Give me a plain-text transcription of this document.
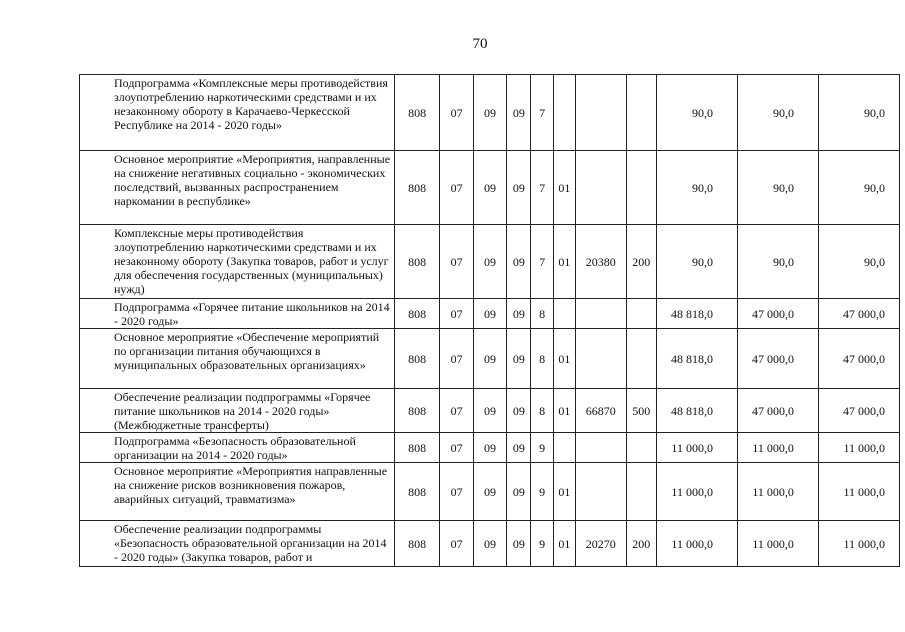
70
Подпрограмма «Комплексные меры противодействия злоупотреблению наркотическими средствами и их незаконному обороту в Карачаево-Черкесской Республике на 2014 - 2020 годы»	808	07	09	09	7				90,0	90,0	90,0
Основное мероприятие «Мероприятия, направленные на снижение негативных социально - экономических последствий, вызванных распространением наркомании в республике»	808	07	09	09	7	01			90,0	90,0	90,0
Комплексные меры противодействия злоупотреблению наркотическими средствами и их незаконному обороту (Закупка товаров, работ и услуг для обеспечения государственных (муниципальных) нужд)	808	07	09	09	7	01	20380	200	90,0	90,0	90,0
Подпрограмма «Горячее питание школьников на 2014 - 2020 годы»	808	07	09	09	8				48 818,0	47 000,0	47 000,0
Основное мероприятие «Обеспечение мероприятий по организации питания обучающихся в муниципальных образовательных организациях»	808	07	09	09	8	01			48 818,0	47 000,0	47 000,0
Обеспечение реализации подпрограммы «Горячее питание школьников на 2014 - 2020 годы» (Межбюджетные трансферты)	808	07	09	09	8	01	66870	500	48 818,0	47 000,0	47 000,0
Подпрограмма «Безопасность образовательной организации на 2014 - 2020 годы»	808	07	09	09	9				11 000,0	11 000,0	11 000,0
Основное мероприятие «Мероприятия направленные на снижение рисков возникновения пожаров, аварийных ситуаций, травматизма»	808	07	09	09	9	01			11 000,0	11 000,0	11 000,0
Обеспечение реализации подпрограммы «Безопасность образовательной организации на 2014 - 2020 годы» (Закупка товаров, работ и	808	07	09	09	9	01	20270	200	11 000,0	11 000,0	11 000,0
